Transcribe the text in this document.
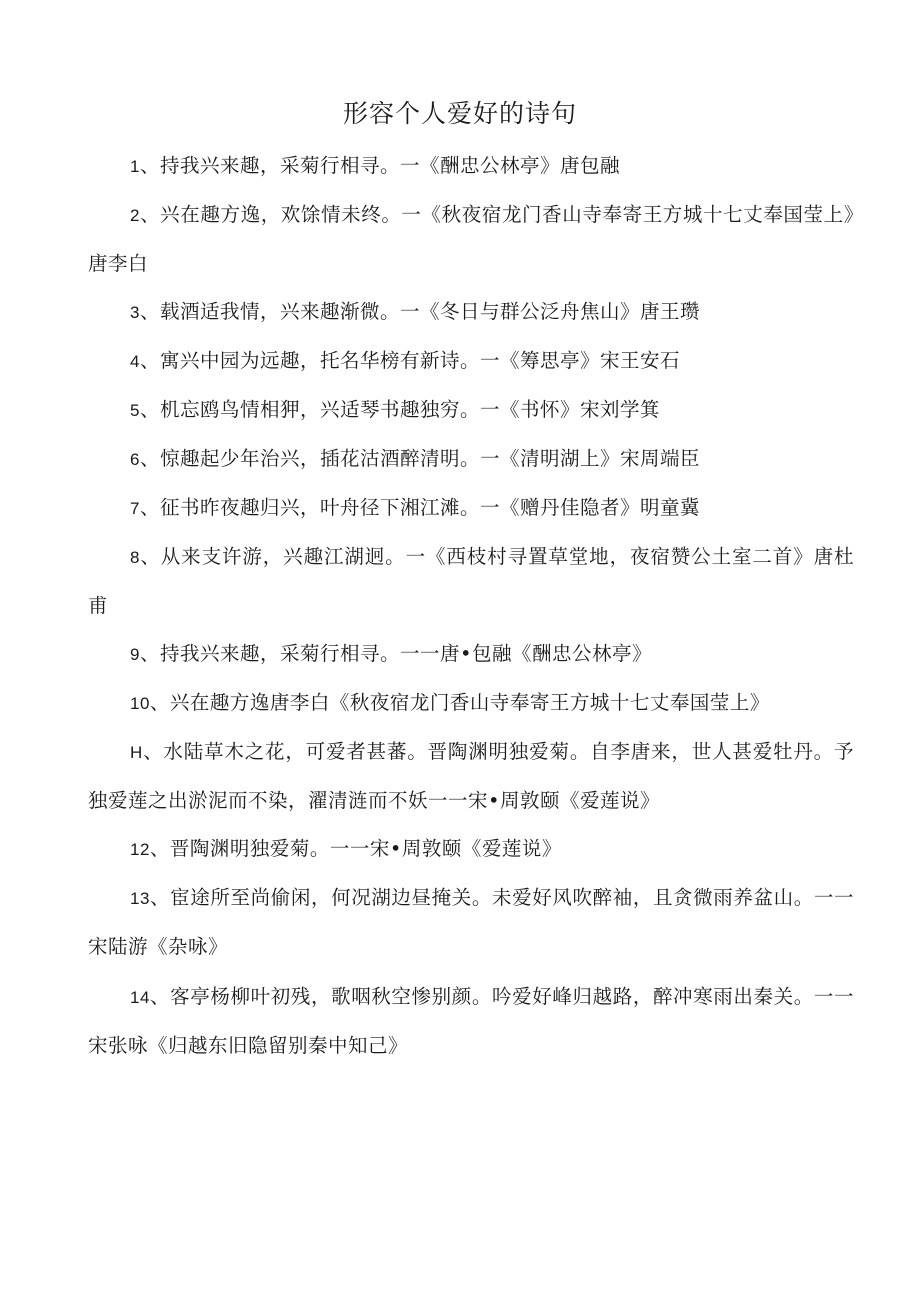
形容个人爱好的诗句

1、持我兴来趣，采菊行相寻。一《酬忠公林亭》唐包融

2、兴在趣方逸，欢馀情未终。一《秋夜宿龙门香山寺奉寄王方城十七丈奉国莹上》唐李白

3、载酒适我情，兴来趣渐微。一《冬日与群公泛舟焦山》唐王瓒

4、寓兴中园为远趣，托名华榜有新诗。一《筹思亭》宋王安石

5、机忘鸥鸟情相狎，兴适琴书趣独穷。一《书怀》宋刘学箕

6、惊趣起少年治兴，插花沽酒醉清明。一《清明湖上》宋周端臣

7、征书昨夜趣归兴，叶舟径下湘江滩。一《赠丹佳隐者》明童冀

8、从来支许游，兴趣江湖迥。一《西枝村寻置草堂地，夜宿赞公土室二首》唐杜甫

9、持我兴来趣，采菊行相寻。一一唐•包融《酬忠公林亭》

10、兴在趣方逸唐李白《秋夜宿龙门香山寺奉寄王方城十七丈奉国莹上》

H、水陆草木之花，可爱者甚蕃。晋陶渊明独爱菊。自李唐来，世人甚爱牡丹。予独爱莲之出淤泥而不染，濯清涟而不妖一一宋•周敦颐《爱莲说》

12、晋陶渊明独爱菊。一一宋•周敦颐《爱莲说》

13、宦途所至尚偷闲，何况湖边昼掩关。未爱好风吹醉袖，且贪微雨养盆山。一一宋陆游《杂咏》

14、客亭杨柳叶初残，歌咽秋空惨别颜。吟爱好峰归越路，醉冲寒雨出秦关。一一宋张咏《归越东旧隐留别秦中知己》
